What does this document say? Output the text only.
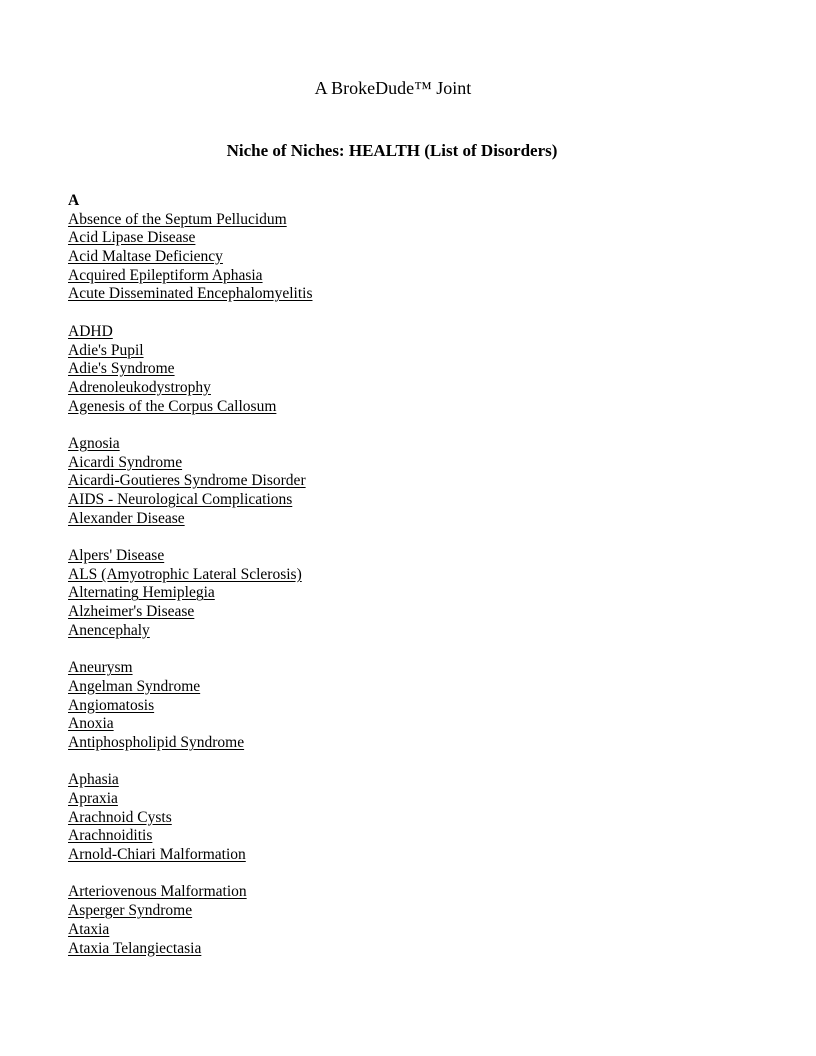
A BrokeDude™ Joint
Niche of Niches: HEALTH (List of Disorders)
A
Absence of the Septum Pellucidum
Acid Lipase Disease
Acid Maltase Deficiency
Acquired Epileptiform Aphasia
Acute Disseminated Encephalomyelitis
ADHD
Adie's Pupil
Adie's Syndrome
Adrenoleukodystrophy
Agenesis of the Corpus Callosum
Agnosia
Aicardi Syndrome
Aicardi-Goutieres Syndrome Disorder
AIDS - Neurological Complications
Alexander Disease
Alpers' Disease
ALS (Amyotrophic Lateral Sclerosis)
Alternating Hemiplegia
Alzheimer's Disease
Anencephaly
Aneurysm
Angelman Syndrome
Angiomatosis
Anoxia
Antiphospholipid Syndrome
Aphasia
Apraxia
Arachnoid Cysts
Arachnoiditis
Arnold-Chiari Malformation
Arteriovenous Malformation
Asperger Syndrome
Ataxia
Ataxia Telangiectasia
